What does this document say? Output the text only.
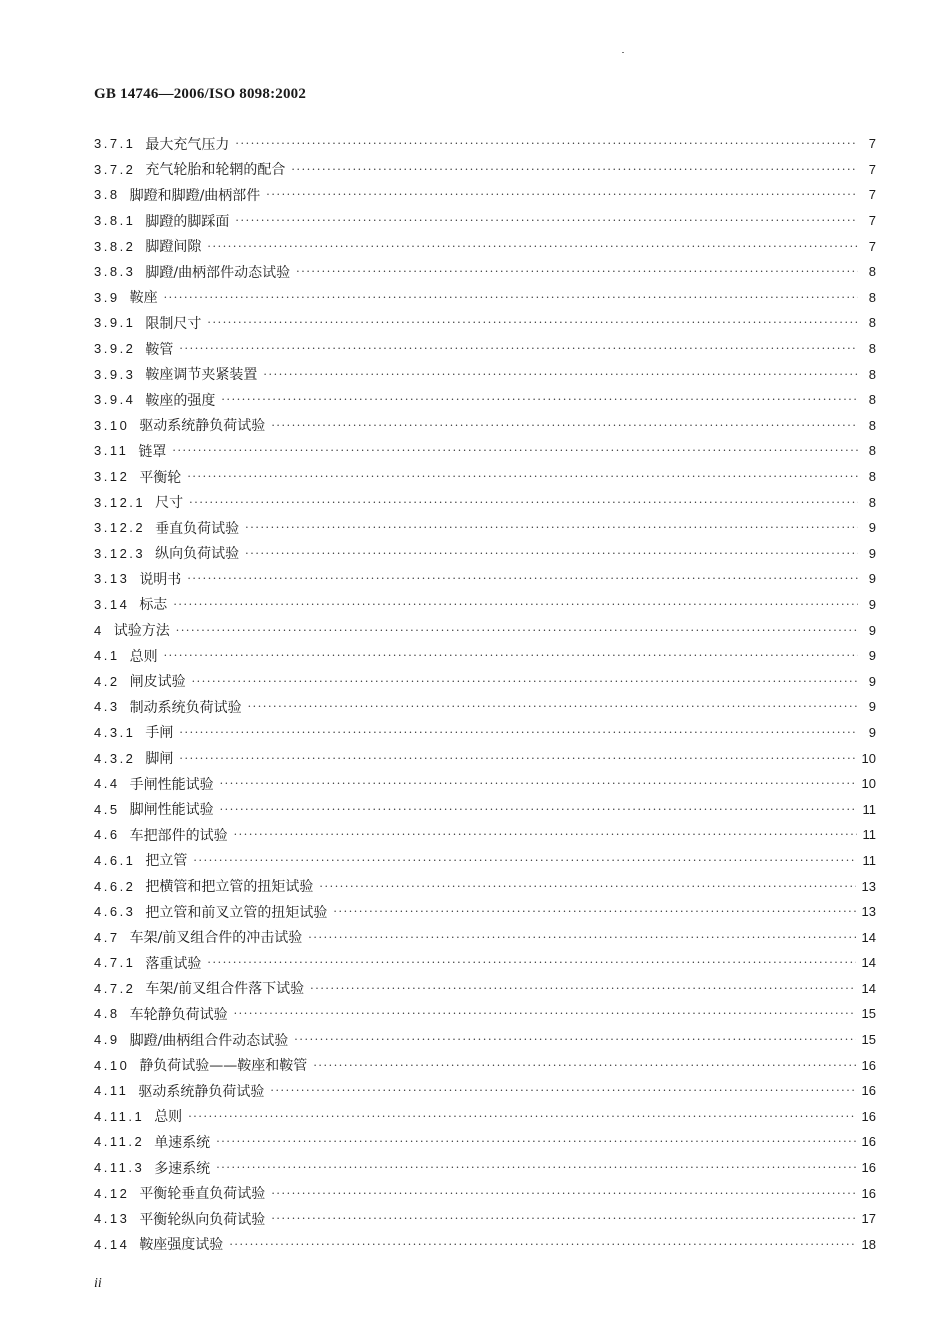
GB 14746—2006/ISO 8098:2002
3.7.1 最大充气压力 ·····	7
3.7.2 充气轮胎和轮辋的配合 ·····	7
3.8 脚蹬和脚蹬/曲柄部件 ·····	7
3.8.1 脚蹬的脚踩面 ·····	7
3.8.2 脚蹬间隙 ·····	7
3.8.3 脚蹬/曲柄部件动态试验 ·····	8
3.9 鞍座 ·····	8
3.9.1 限制尺寸 ·····	8
3.9.2 鞍管 ·····	8
3.9.3 鞍座调节夹紧装置 ·····	8
3.9.4 鞍座的强度 ·····	8
3.10 驱动系统静负荷试验 ·····	8
3.11 链罩 ·····	8
3.12 平衡轮 ·····	8
3.12.1 尺寸 ·····	8
3.12.2 垂直负荷试验 ·····	9
3.12.3 纵向负荷试验 ·····	9
3.13 说明书 ·····	9
3.14 标志 ·····	9
4 试验方法 ·····	9
4.1 总则 ·····	9
4.2 闸皮试验 ·····	9
4.3 制动系统负荷试验 ·····	9
4.3.1 手闸 ·····	9
4.3.2 脚闸 ·····	10
4.4 手闸性能试验 ·····	10
4.5 脚闸性能试验 ·····	11
4.6 车把部件的试验 ·····	11
4.6.1 把立管 ·····	11
4.6.2 把横管和把立管的扭矩试验 ·····	13
4.6.3 把立管和前叉立管的扭矩试验 ·····	13
4.7 车架/前叉组合件的冲击试验 ·····	14
4.7.1 落重试验 ·····	14
4.7.2 车架/前叉组合件落下试验 ·····	14
4.8 车轮静负荷试验 ·····	15
4.9 脚蹬/曲柄组合件动态试验 ·····	15
4.10 静负荷试验——鞍座和鞍管 ·····	16
4.11 驱动系统静负荷试验 ·····	16
4.11.1 总则 ·····	16
4.11.2 单速系统 ·····	16
4.11.3 多速系统 ·····	16
4.12 平衡轮垂直负荷试验 ·····	16
4.13 平衡轮纵向负荷试验 ·····	17
4.14 鞍座强度试验 ·····	18
ii
